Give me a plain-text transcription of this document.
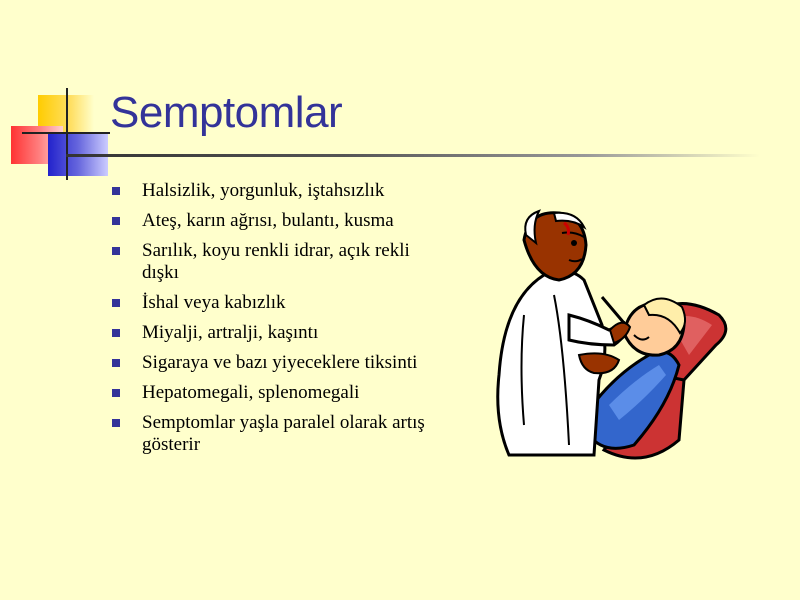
Semptomlar
Halsizlik, yorgunluk, iştahsızlık
Ateş, karın ağrısı, bulantı, kusma
Sarılık, koyu renkli idrar, açık rekli dışkı
İshal veya kabızlık
Miyalji, artralji, kaşıntı
Sigaraya ve bazı yiyeceklere tiksinti
Hepatomegali, splenomegali
Semptomlar yaşla paralel olarak artış gösterir
